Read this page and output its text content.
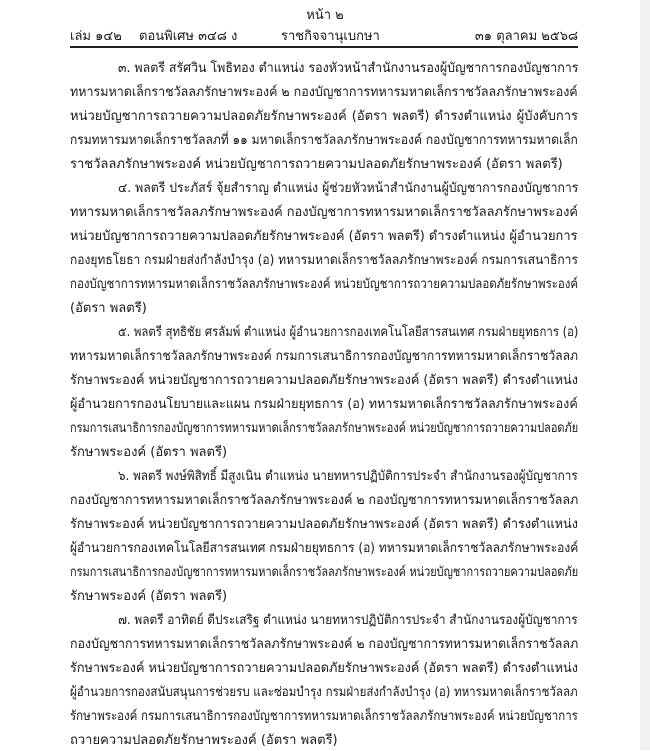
หน้า ๒
เล่ม ๑๔๒ ตอนพิเศษ ๓๔๘ ง	ราชกิจจานุเบกษา	๓๑ ตุลาคม ๒๕๖๘
๓. พลตรี สรัศวิน โพธิทอง ตำแหน่ง รองหัวหน้าสำนักงานรองผู้บัญชาการกองบัญชาการ
ทหารมหาดเล็กราชวัลลภรักษาพระองค์ ๒ กองบัญชาการทหารมหาดเล็กราชวัลลภรักษาพระองค์
หน่วยบัญชาการถวายความปลอดภัยรักษาพระองค์ (อัตรา พลตรี) ดำรงตำแหน่ง ผู้บังคับการ
กรมทหารมหาดเล็กราชวัลลภที่ ๑๑ มหาดเล็กราชวัลลภรักษาพระองค์ กองบัญชาการทหารมหาดเล็ก
ราชวัลลภรักษาพระองค์ หน่วยบัญชาการถวายความปลอดภัยรักษาพระองค์ (อัตรา พลตรี)
๔. พลตรี ประภัสร์ จุ้ยสำราญ ตำแหน่ง ผู้ช่วยหัวหน้าสำนักงานผู้บัญชาการกองบัญชาการ
ทหารมหาดเล็กราชวัลลภรักษาพระองค์ กองบัญชาการทหารมหาดเล็กราชวัลลภรักษาพระองค์
หน่วยบัญชาการถวายความปลอดภัยรักษาพระองค์ (อัตรา พลตรี) ดำรงตำแหน่ง ผู้อำนวยการ
กองยุทธโยธา กรมฝ่ายส่งกำลังบำรุง (อ) ทหารมหาดเล็กราชวัลลภรักษาพระองค์ กรมการเสนาธิการ
กองบัญชาการทหารมหาดเล็กราชวัลลภรักษาพระองค์ หน่วยบัญชาการถวายความปลอดภัยรักษาพระองค์
(อัตรา พลตรี)
๕. พลตรี สุทธิชัย ศรลัมพ์ ตำแหน่ง ผู้อำนวยการกองเทคโนโลยีสารสนเทศ กรมฝ่ายยุทธการ (อ)
ทหารมหาดเล็กราชวัลลภรักษาพระองค์ กรมการเสนาธิการกองบัญชาการทหารมหาดเล็กราชวัลลภ
รักษาพระองค์ หน่วยบัญชาการถวายความปลอดภัยรักษาพระองค์ (อัตรา พลตรี) ดำรงตำแหน่ง
ผู้อำนวยการกองนโยบายและแผน กรมฝ่ายยุทธการ (อ) ทหารมหาดเล็กราชวัลลภรักษาพระองค์
กรมการเสนาธิการกองบัญชาการทหารมหาดเล็กราชวัลลภรักษาพระองค์ หน่วยบัญชาการถวายความปลอดภัย
รักษาพระองค์ (อัตรา พลตรี)
๖. พลตรี พงษ์พิสิทธิ์ มีสูงเนิน ตำแหน่ง นายทหารปฏิบัติการประจำ สำนักงานรองผู้บัญชาการ
กองบัญชาการทหารมหาดเล็กราชวัลลภรักษาพระองค์ ๒ กองบัญชาการทหารมหาดเล็กราชวัลลภ
รักษาพระองค์ หน่วยบัญชาการถวายความปลอดภัยรักษาพระองค์ (อัตรา พลตรี) ดำรงตำแหน่ง
ผู้อำนวยการกองเทคโนโลยีสารสนเทศ กรมฝ่ายยุทธการ (อ) ทหารมหาดเล็กราชวัลลภรักษาพระองค์
กรมการเสนาธิการกองบัญชาการทหารมหาดเล็กราชวัลลภรักษาพระองค์ หน่วยบัญชาการถวายความปลอดภัย
รักษาพระองค์ (อัตรา พลตรี)
๗. พลตรี อาทิตย์ ดีประเสริฐ ตำแหน่ง นายทหารปฏิบัติการประจำ สำนักงานรองผู้บัญชาการ
กองบัญชาการทหารมหาดเล็กราชวัลลภรักษาพระองค์ ๒ กองบัญชาการทหารมหาดเล็กราชวัลลภ
รักษาพระองค์ หน่วยบัญชาการถวายความปลอดภัยรักษาพระองค์ (อัตรา พลตรี) ดำรงตำแหน่ง
ผู้อำนวยการกองสนับสนุนการช่วยรบ และซ่อมบำรุง กรมฝ่ายส่งกำลังบำรุง (อ) ทหารมหาดเล็กราชวัลลภ
รักษาพระองค์ กรมการเสนาธิการกองบัญชาการทหารมหาดเล็กราชวัลลภรักษาพระองค์ หน่วยบัญชาการ
ถวายความปลอดภัยรักษาพระองค์ (อัตรา พลตรี)
